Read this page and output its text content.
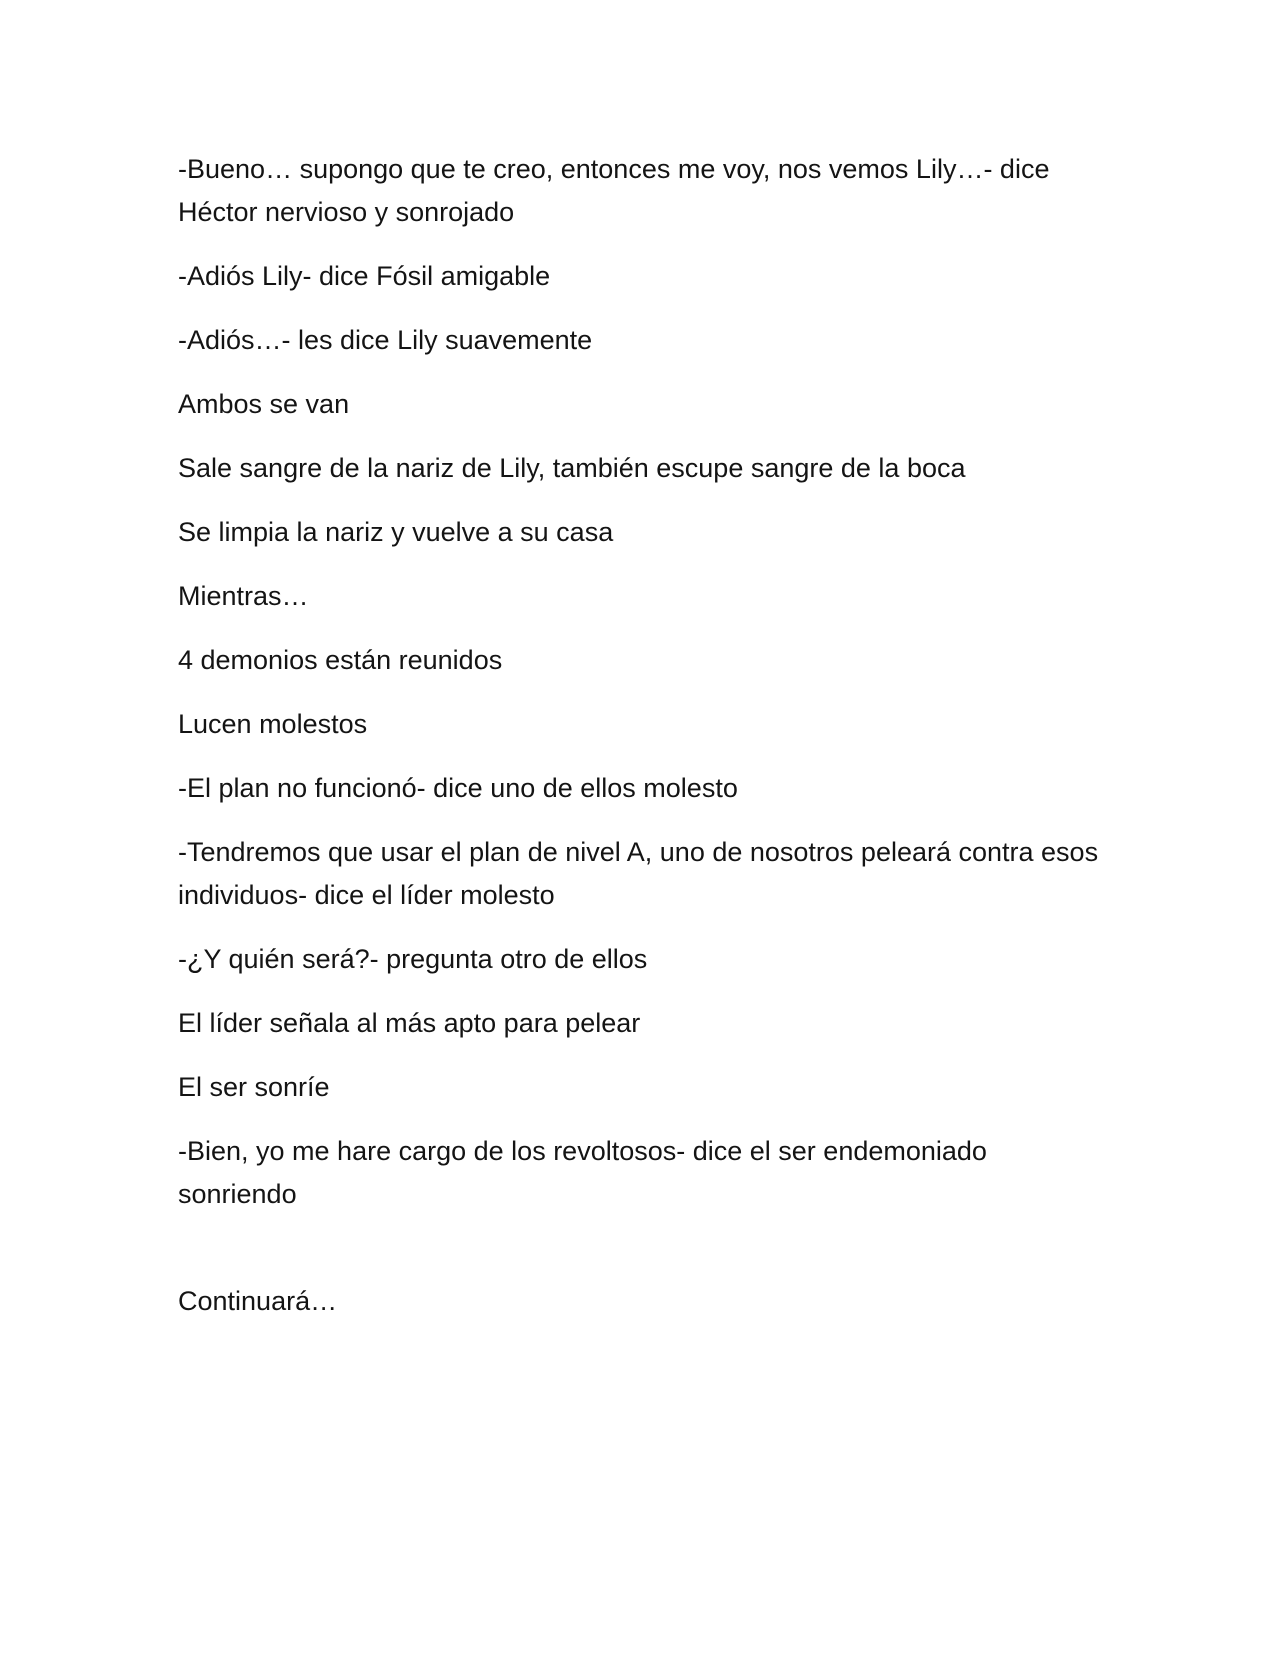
-Bueno… supongo que te creo, entonces me voy, nos vemos Lily…- dice Héctor nervioso y sonrojado

-Adiós Lily- dice Fósil amigable

-Adiós…- les dice Lily suavemente

Ambos se van

Sale sangre de la nariz de Lily, también escupe sangre de la boca

Se limpia la nariz y vuelve a su casa

Mientras…

4 demonios están reunidos

Lucen molestos

-El plan no funcionó- dice uno de ellos molesto

-Tendremos que usar el plan de nivel A, uno de nosotros peleará contra esos individuos- dice el líder molesto

-¿Y quién será?- pregunta otro de ellos

El líder señala al más apto para pelear

El ser sonríe

-Bien, yo me hare cargo de los revoltosos- dice el ser endemoniado sonriendo

Continuará…
